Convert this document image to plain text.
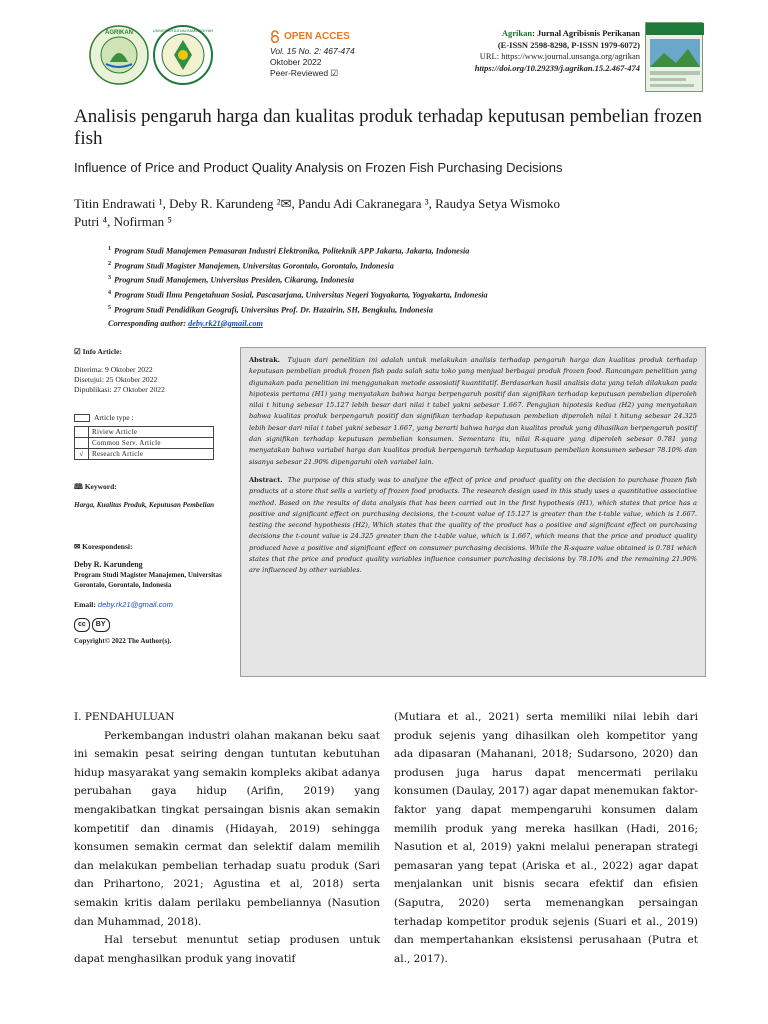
AGRIKAN	UNIVERSITAS MUHAMMADIYAH
OPEN ACCES
Vol. 15 No. 2: 467-474
Oktober 2022
Peer-Reviewed ☑
Agrikan: Jurnal Agribisnis Perikanan
(E-ISSN 2598-8298, P-ISSN 1979-6072)
URL: https://www.journal.unsanga.org/agrikan
https://doi.org/10.29239/j.agrikan.15.2.467-474
Analisis pengaruh harga dan kualitas produk terhadap keputusan pembelian frozen fish
Influence of Price and Product Quality Analysis on Frozen Fish Purchasing Decisions
Titin Endrawati ¹, Deby R. Karundeng ²✉, Pandu Adi Cakranegara ³, Raudya Setya Wismoko
Putri ⁴, Nofirman ⁵
$^1$ Program Studi Manajemen Pemasaran Industri Elektronika, Politeknik APP Jakarta, Jakarta, Indonesia
$^2$ Program Studi Magister Manajemen, Universitas Gorontalo, Gorontalo, Indonesia
$^3$ Program Studi Manajemen, Universitas Presiden, Cikarang, Indonesia
$^4$ Program Studi Ilmu Pengetahuan Sosial, Pascasarjana, Universitas Negeri Yogyakarta, Yogyakarta, Indonesia
$^5$ Program Studi Pendidikan Geografi, Universitas Prof. Dr. Hazairin, SH, Bengkulu, Indonesia
Corresponding author: deby.rk21@gmail.com
☑ Info Article:
Diterima: 9 Oktober 2022
Disetujui: 25 Oktober 2022
Dipublikasi: 27 Oktober 2022
Article type :
	Riview Article
	Common Serv. Article
√	Research Article
🕮 Keyword:
Harga, Kualitas Produk, Keputusan Pembelian
✉ Korespondensi:
Deby R. Karundeng
Program Studi Magister Manajemen, Universitas Gorontalo, Gorontalo, Indonesia
Email: deby.rk21@gmail.com
cc	BY
Copyright© 2022 The Author(s).

Abstrak. Tujuan dari penelitian ini adalah untuk melakukan analisis terhadap pengaruh harga dan kualitas produk terhadap keputusan pembelian produk frozen fish pada salah satu toko yang menjual berbagai produk frozen food. Rancangan penelitian yang digunakan pada penelitian ini menggunakan metode assosiatif kuantitatif. Berdasarkan hasil analisis data yang telah dilakukan pada hipotesis pertama (H1) yang menyatakan bahwa harga berpengaruh positif dan signifikan terhadap keputusan pembelian diperoleh nilai t hitung sebesar 15.127 lebih besar dari nilai t tabel yakni sebesar 1.667. Pengujian hipotesis kedua (H2) yang menyatakan bahwa kualitas produk berpengaruh positif dan signifikan terhadap keputusan pembelian diperoleh nilai t hitung sebesar 24.325 lebih besar dari nilai t tabel yakni sebesar 1.667, yang berarti bahwa harga dan kualitas produk yang dihasilkan berpengaruh positif dan signifikan terhadap keputusan pembelian konsumen. Sementara itu, nilai R-square yang diperoleh sebesar 0.781 yang menyatakan bahwa variabel harga dan kualitas produk berpengaruh terhadap keputusan pembelian konsumen sebesar 78.10% dan sisanya sebesar 21.90% dipengaruhi oleh variabel lain.

Abstract. The purpose of this study was to analyze the effect of price and product quality on the decision to purchase frozen fish products at a store that sells a variety of frozen food products. The research design used in this study uses a quantitative associative method. Based on the results of data analysis that has been carried out in the first hypothesis (H1), which states that price has a positive and significant effect on purchasing decisions, the t-count value of 15.127 is greater than the t-table value, which is 1.667. testing the second hypothesis (H2), Which states that the quality of the product has a positive and significant effect on purchasing decisions the t-count value is 24.325 greater than the t-table value, which is 1.667, which means that the price and product quality produced have a positive and significant effect on consumer purchasing decisions. While the R-square value obtained is 0.781 which states that the price and product quality variables influence consumer purchasing decisions by 78.10% and the remaining 21.90% are influenced by other variables.

I. PENDAHULUAN

Perkembangan industri olahan makanan beku saat ini semakin pesat seiring dengan tuntutan kebutuhan hidup masyarakat yang semakin kompleks akibat adanya perubahan gaya hidup (Arifin, 2019) yang mengakibatkan tingkat persaingan bisnis akan semakin kompetitif dan dinamis (Hidayah, 2019) sehingga konsumen semakin cermat dan selektif dalam memilih dan melakukan pembelian terhadap suatu produk (Sari dan Prihartono, 2021; Agustina et al, 2018) serta semakin kritis dalam perilaku pembeliannya (Nasution dan Muhammad, 2018).

Hal tersebut menuntut setiap produsen untuk dapat menghasilkan produk yang inovatif

(Mutiara et al., 2021) serta memiliki nilai lebih dari produk sejenis yang dihasilkan oleh kompetitor yang ada dipasaran (Mahanani, 2018; Sudarsono, 2020) dan produsen juga harus dapat mencermati perilaku konsumen (Daulay, 2017) agar dapat menemukan faktor-faktor yang dapat mempengaruhi konsumen dalam memilih produk yang mereka hasilkan (Hadi, 2016; Nasution et al, 2019) yakni melalui penerapan strategi pemasaran yang tepat (Ariska et al., 2022) agar dapat menjalankan unit bisnis secara efektif dan efisien (Saputra, 2020) serta memenangkan persaingan terhadap kompetitor produk sejenis (Suari et al., 2019) dan mempertahankan eksistensi perusahaan (Putra et al., 2017).
